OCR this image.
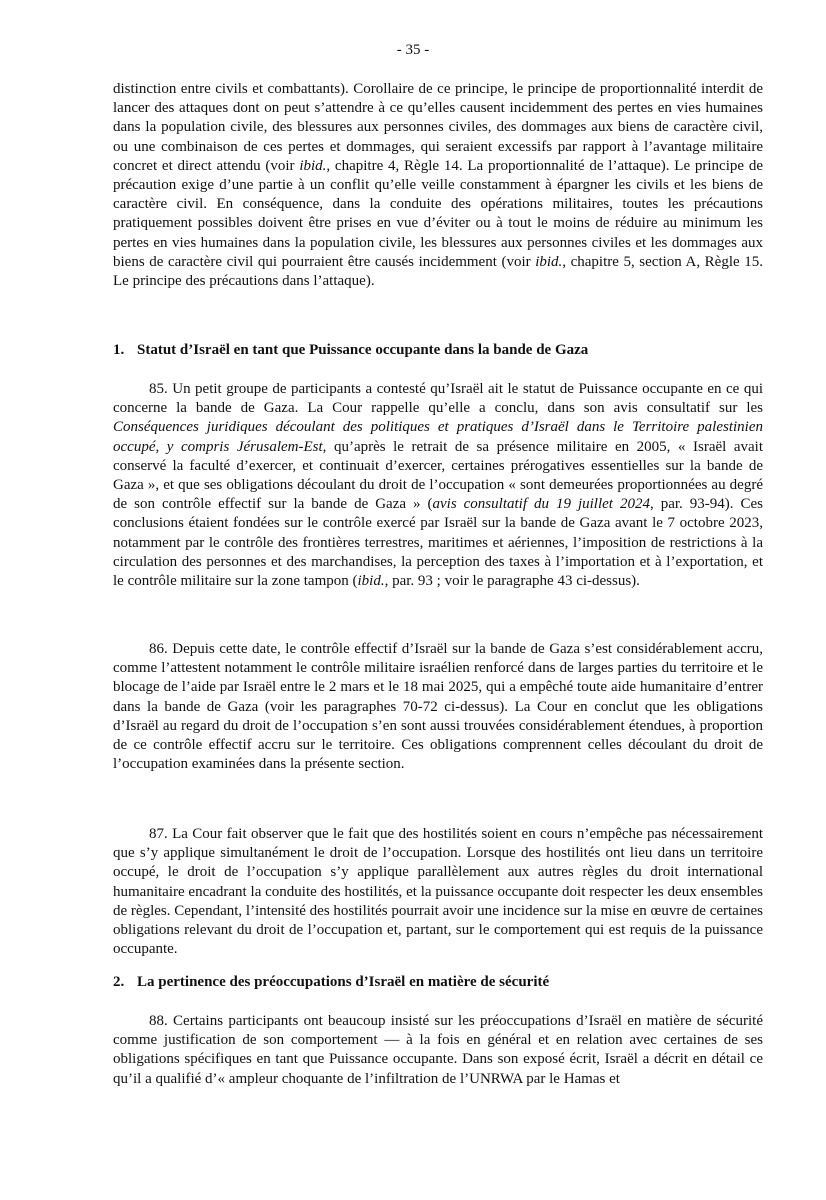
- 35 -

distinction entre civils et combattants). Corollaire de ce principe, le principe de proportionnalité interdit de lancer des attaques dont on peut s’attendre à ce qu’elles causent incidemment des pertes en vies humaines dans la population civile, des blessures aux personnes civiles, des dommages aux biens de caractère civil, ou une combinaison de ces pertes et dommages, qui seraient excessifs par rapport à l’avantage militaire concret et direct attendu (voir ibid., chapitre 4, Règle 14. La proportionnalité de l’attaque). Le principe de précaution exige d’une partie à un conflit qu’elle veille constamment à épargner les civils et les biens de caractère civil. En conséquence, dans la conduite des opérations militaires, toutes les précautions pratiquement possibles doivent être prises en vue d’éviter ou à tout le moins de réduire au minimum les pertes en vies humaines dans la population civile, les blessures aux personnes civiles et les dommages aux biens de caractère civil qui pourraient être causés incidemment (voir ibid., chapitre 5, section A, Règle 15. Le principe des précautions dans l’attaque).

1. Statut d’Israël en tant que Puissance occupante dans la bande de Gaza

85. Un petit groupe de participants a contesté qu’Israël ait le statut de Puissance occupante en ce qui concerne la bande de Gaza. La Cour rappelle qu’elle a conclu, dans son avis consultatif sur les Conséquences juridiques découlant des politiques et pratiques d’Israël dans le Territoire palestinien occupé, y compris Jérusalem-Est, qu’après le retrait de sa présence militaire en 2005, « Israël avait conservé la faculté d’exercer, et continuait d’exercer, certaines prérogatives essentielles sur la bande de Gaza », et que ses obligations découlant du droit de l’occupation « sont demeurées proportionnées au degré de son contrôle effectif sur la bande de Gaza » (avis consultatif du 19 juillet 2024, par. 93-94). Ces conclusions étaient fondées sur le contrôle exercé par Israël sur la bande de Gaza avant le 7 octobre 2023, notamment par le contrôle des frontières terrestres, maritimes et aériennes, l’imposition de restrictions à la circulation des personnes et des marchandises, la perception des taxes à l’importation et à l’exportation, et le contrôle militaire sur la zone tampon (ibid., par. 93 ; voir le paragraphe 43 ci-dessus).

86. Depuis cette date, le contrôle effectif d’Israël sur la bande de Gaza s’est considérablement accru, comme l’attestent notamment le contrôle militaire israélien renforcé dans de larges parties du territoire et le blocage de l’aide par Israël entre le 2 mars et le 18 mai 2025, qui a empêché toute aide humanitaire d’entrer dans la bande de Gaza (voir les paragraphes 70-72 ci-dessus). La Cour en conclut que les obligations d’Israël au regard du droit de l’occupation s’en sont aussi trouvées considérablement étendues, à proportion de ce contrôle effectif accru sur le territoire. Ces obligations comprennent celles découlant du droit de l’occupation examinées dans la présente section.

87. La Cour fait observer que le fait que des hostilités soient en cours n’empêche pas nécessairement que s’y applique simultanément le droit de l’occupation. Lorsque des hostilités ont lieu dans un territoire occupé, le droit de l’occupation s’y applique parallèlement aux autres règles du droit international humanitaire encadrant la conduite des hostilités, et la puissance occupante doit respecter les deux ensembles de règles. Cependant, l’intensité des hostilités pourrait avoir une incidence sur la mise en œuvre de certaines obligations relevant du droit de l’occupation et, partant, sur le comportement qui est requis de la puissance occupante.

2. La pertinence des préoccupations d’Israël en matière de sécurité

88. Certains participants ont beaucoup insisté sur les préoccupations d’Israël en matière de sécurité comme justification de son comportement — à la fois en général et en relation avec certaines de ses obligations spécifiques en tant que Puissance occupante. Dans son exposé écrit, Israël a décrit en détail ce qu’il a qualifié d’« ampleur choquante de l’infiltration de l’UNRWA par le Hamas et
